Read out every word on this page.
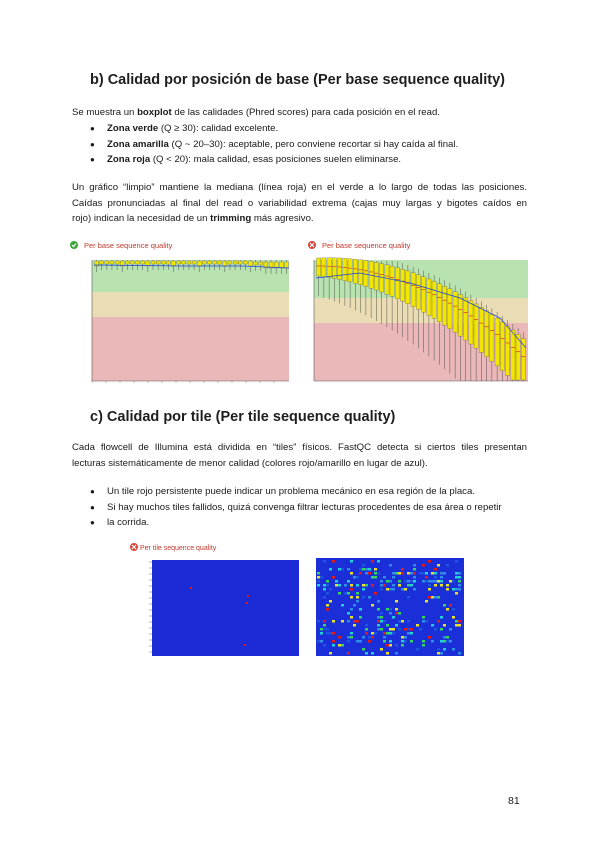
b) Calidad por posición de base (Per base sequence quality)
Se muestra un boxplot de las calidades (Phred scores) para cada posición en el read.
● Zona verde (Q ≥ 30): calidad excelente.
● Zona amarilla (Q ~ 20–30): aceptable, pero conviene recortar si hay caída al final.
● Zona roja (Q < 20): mala calidad, esas posiciones suelen eliminarse.
Un gráfico “limpio” mantiene la mediana (línea roja) en el verde a lo largo de todas las posiciones.
Caídas pronunciadas al final del read o variabilidad extrema (cajas muy largas y bigotes caídos en
rojo) indican la necesidad de un trimming más agresivo.
Per base sequence quality	Per base sequence quality
c) Calidad por tile (Per tile sequence quality)
Cada flowcell de Illumina está dividida en “tiles” físicos. FastQC detecta si ciertos tiles presentan
lecturas sistemáticamente de menor calidad (colores rojo/amarillo en lugar de azul).
● Un tile rojo persistente puede indicar un problema mecánico en esa región de la placa.
● Si hay muchos tiles fallidos, quizá convenga filtrar lecturas procedentes de esa área o repetir
● la corrida.
Per tile sequence quality
81
